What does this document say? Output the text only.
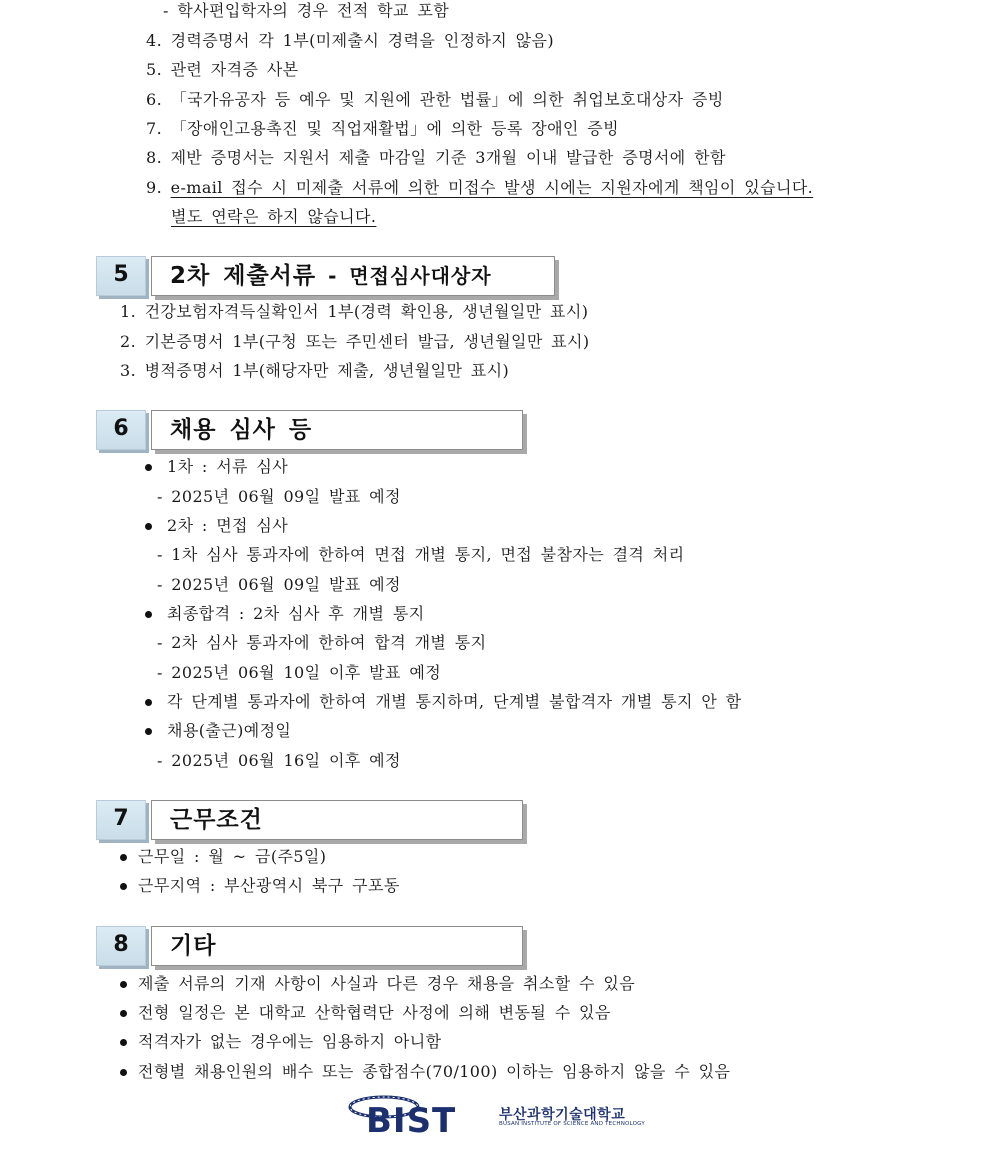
- 학사편입학자의 경우 전적 학교 포함
4. 경력증명서 각 1부(미제출시 경력을 인정하지 않음)
5. 관련 자격증 사본
6. 「국가유공자 등 예우 및 지원에 관한 법률」에 의한 취업보호대상자 증빙
7. 「장애인고용촉진 및 직업재활법」에 의한 등록 장애인 증빙
8. 제반 증명서는 지원서 제출 마감일 기준 3개월 이내 발급한 증명서에 한함
9. e-mail 접수 시 미제출 서류에 의한 미접수 발생 시에는 지원자에게 책임이 있습니다.
별도 연락은 하지 않습니다.
5	2차 제출서류 - 면접심사대상자
1. 건강보험자격득실확인서 1부(경력 확인용, 생년월일만 표시)
2. 기본증명서 1부(구청 또는 주민센터 발급, 생년월일만 표시)
3. 병적증명서 1부(해당자만 제출, 생년월일만 표시)
6	채용 심사 등
1차 : 서류 심사
- 2025년 06월 09일 발표 예정
2차 : 면접 심사
- 1차 심사 통과자에 한하여 면접 개별 통지, 면접 불참자는 결격 처리
- 2025년 06월 09일 발표 예정
최종합격 : 2차 심사 후 개별 통지
- 2차 심사 통과자에 한하여 합격 개별 통지
- 2025년 06월 10일 이후 발표 예정
각 단계별 통과자에 한하여 개별 통지하며, 단계별 불합격자 개별 통지 안 함
채용(출근)예정일
- 2025년 06월 16일 이후 예정
7	근무조건
근무일 : 월 ~ 금(주5일)
근무지역 : 부산광역시 북구 구포동
8	기타
제출 서류의 기재 사항이 사실과 다른 경우 채용을 취소할 수 있음
전형 일정은 본 대학교 산학협력단 사정에 의해 변동될 수 있음
적격자가 없는 경우에는 임용하지 아니함
전형별 채용인원의 배수 또는 종합점수(70/100) 이하는 임용하지 않을 수 있음
BIST	부산과학기술대학교
BUSAN INSTITUTE OF SCIENCE AND TECHNOLOGY
